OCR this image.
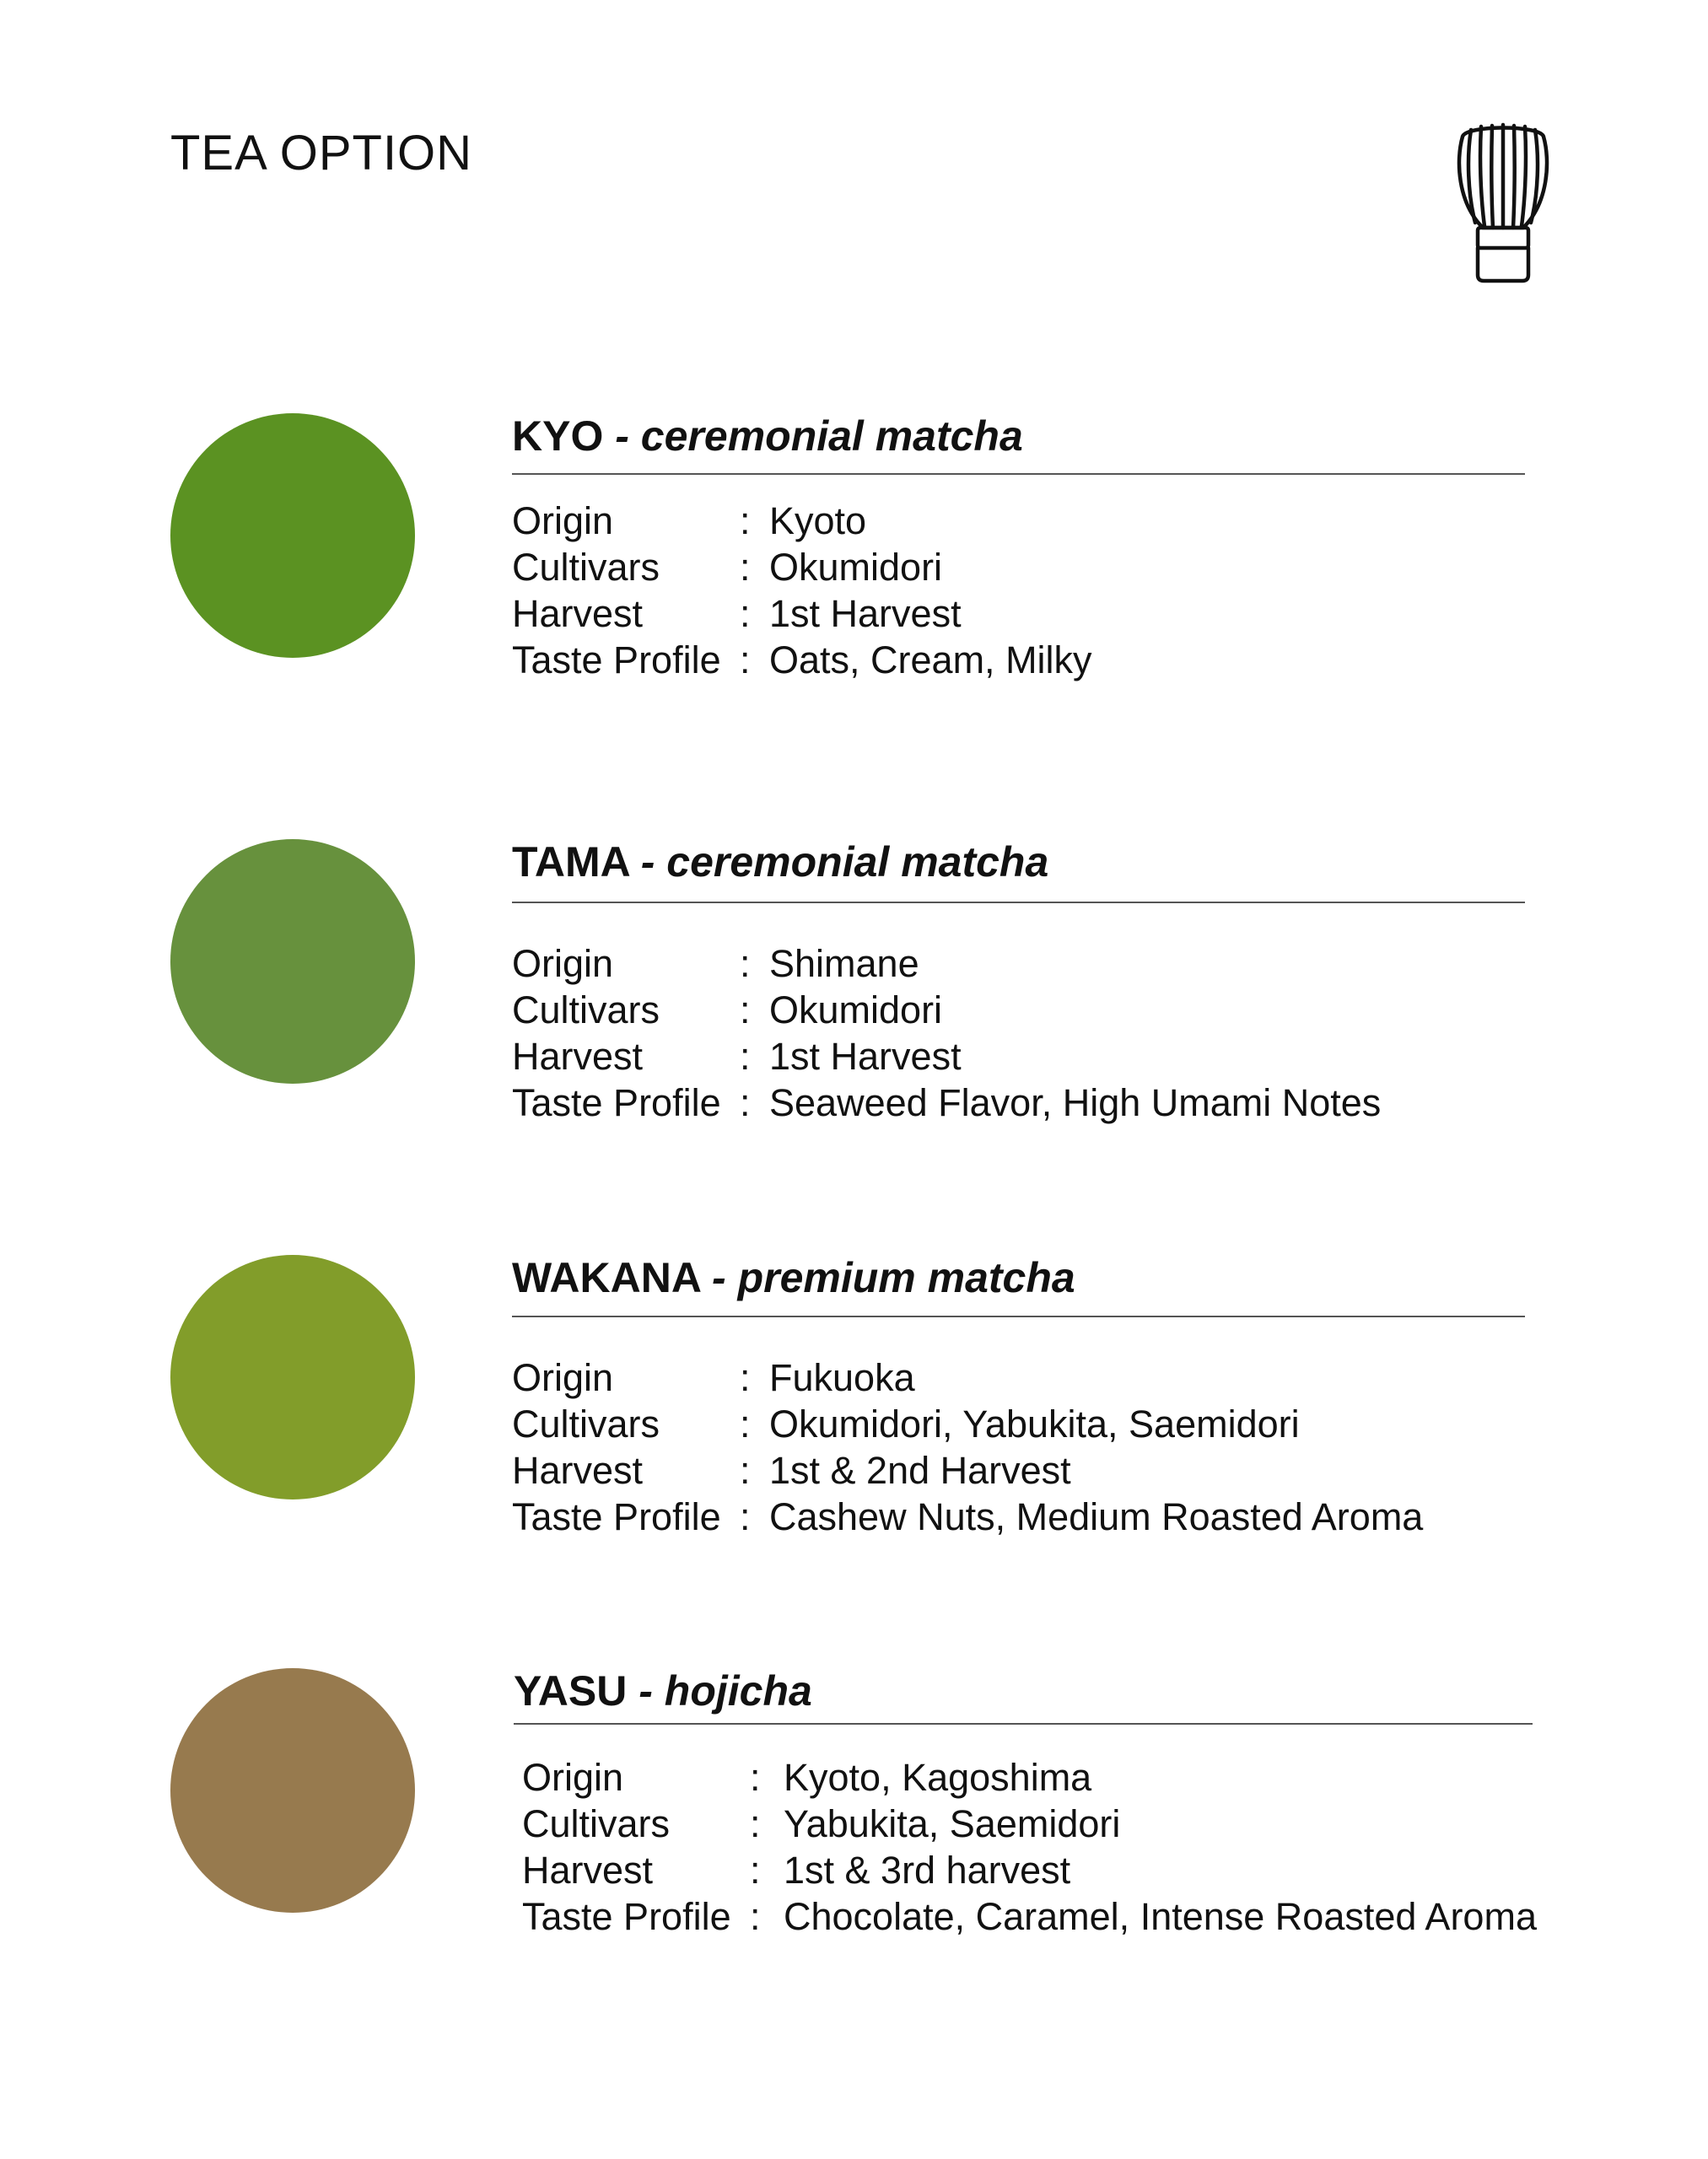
TEA OPTION
KYO - ceremonial matcha
Origin	: Kyoto
Cultivars	: Okumidori
Harvest	: 1st Harvest
Taste Profile : Oats, Cream, Milky
TAMA - ceremonial matcha
Origin	: Shimane
Cultivars	: Okumidori
Harvest	: 1st Harvest
Taste Profile : Seaweed Flavor, High Umami Notes
WAKANA - premium matcha
Origin	: Fukuoka
Cultivars	: Okumidori, Yabukita, Saemidori
Harvest	: 1st & 2nd Harvest
Taste Profile : Cashew Nuts, Medium Roasted Aroma
YASU - hojicha
Origin	: Kyoto, Kagoshima
Cultivars	: Yabukita, Saemidori
Harvest	: 1st & 3rd harvest
Taste Profile : Chocolate, Caramel, Intense Roasted Aroma
